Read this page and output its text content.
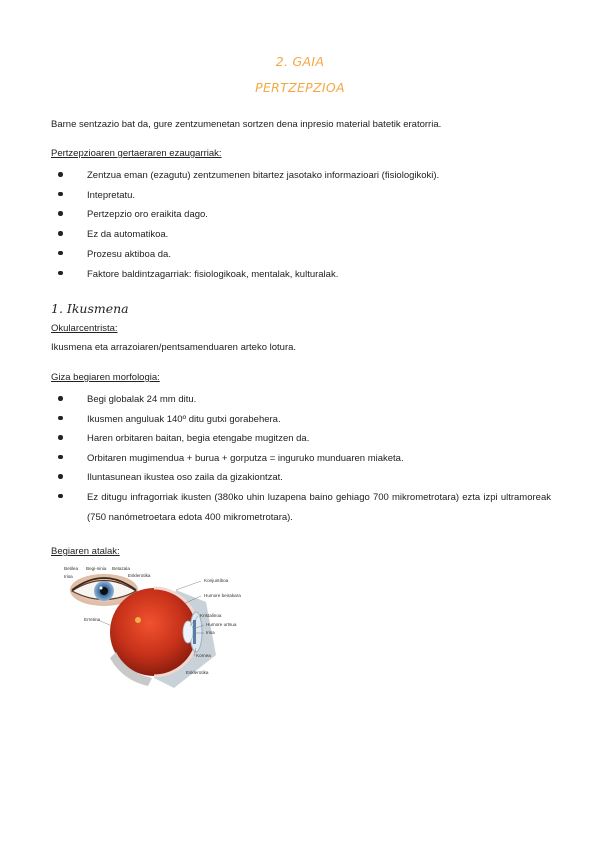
2. GAIA
PERTZEPZIOA
Barne sentzazio bat da, gure zentzumenetan sortzen dena inpresio material batetik eratorria.
Pertzepzioaren gertaeraren ezaugarriak:
Zentzua eman (ezagutu) zentzumenen bitartez jasotako informazioari (fisiologikoki).
Intepretatu.
Pertzepzio oro eraikita dago.
Ez da automatikoa.
Prozesu aktiboa da.
Faktore baldintzagarriak: fisiologikoak, mentalak, kulturalak.
1. Ikusmena
Okularcentrista:
Ikusmena eta arrazoiaren/pentsamenduaren arteko lotura.
Giza begiaren morfologia:
Begi globalak 24 mm ditu.
Ikusmen anguluak 140º ditu gutxi gorabehera.
Haren orbitaren baitan, begia etengabe mugitzen da.
Orbitaren mugimendua + burua + gorputza = inguruko munduaren miaketa.
Iluntasunean ikustea oso zaila da gizakiontzat.
Ez ditugu infragorriak ikusten (380ko uhin luzapena baino gehiago 700 mikrometrotara) ezta izpi ultramoreak (750 nanómetroetara edota 400 mikrometrotara).
Begiaren atalak:
Betilea Begi-ninia Betazala
Esklerotika
Irisa
Konjuntiboa
Humore beirakara
Erretina
Kristalinoa
Humore urtsua
Irisa
Kornea
Esklerotika
